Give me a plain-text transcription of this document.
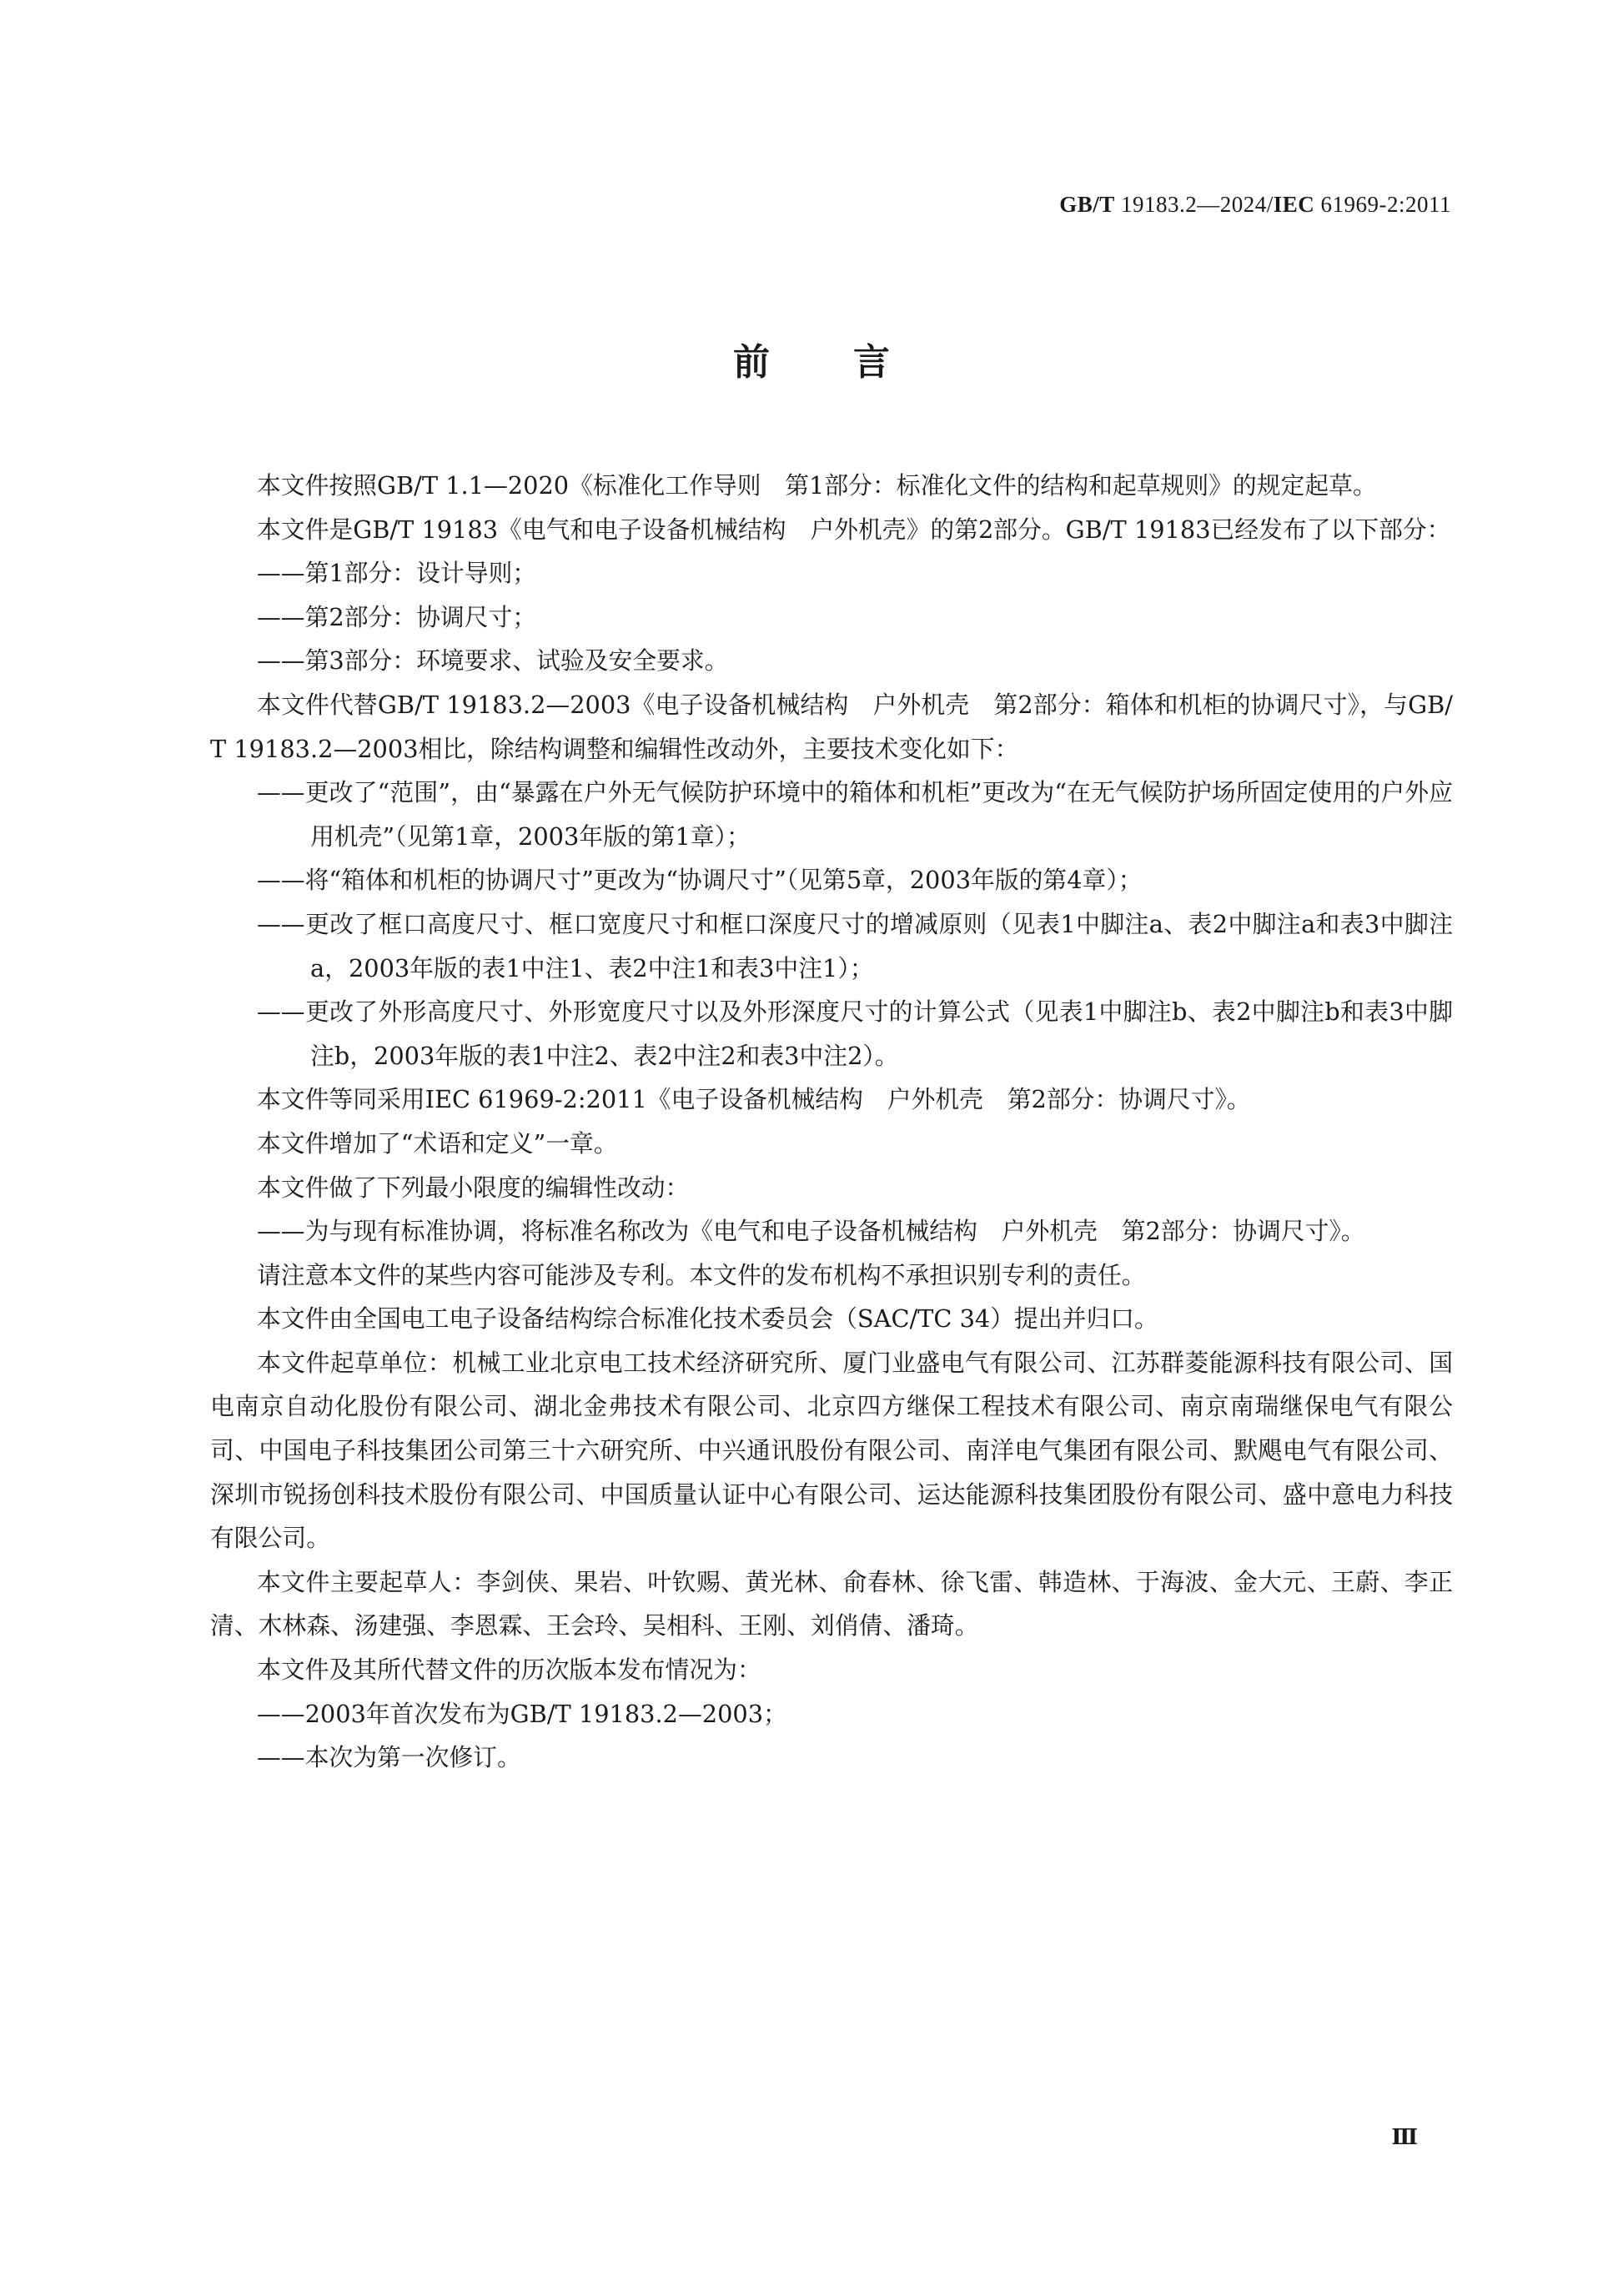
GB/T 19183.2—2024/IEC 61969-2:2011
前言

本文件按照GB/T 1.1—2020《标准化工作导则　第1部分：标准化文件的结构和起草规则》的规定起草。

本文件是GB/T 19183《电气和电子设备机械结构　户外机壳》的第2部分。GB/T 19183已经发布了以下部分：

——第1部分：设计导则；

——第2部分：协调尺寸；

——第3部分：环境要求、试验及安全要求。

本文件代替GB/T 19183.2—2003《电子设备机械结构　户外机壳　第2部分：箱体和机柜的协调尺寸》，与GB/T 19183.2—2003相比，除结构调整和编辑性改动外，主要技术变化如下：

——更改了“范围”，由“暴露在户外无气候防护环境中的箱体和机柜”更改为“在无气候防护场所固定使用的户外应用机壳”（见第1章，2003年版的第1章）；

——将“箱体和机柜的协调尺寸”更改为“协调尺寸”（见第5章，2003年版的第4章）；

——更改了框口高度尺寸、框口宽度尺寸和框口深度尺寸的增减原则（见表1中脚注a、表2中脚注a和表3中脚注a，2003年版的表1中注1、表2中注1和表3中注1）；

——更改了外形高度尺寸、外形宽度尺寸以及外形深度尺寸的计算公式（见表1中脚注b、表2中脚注b和表3中脚注b，2003年版的表1中注2、表2中注2和表3中注2）。

本文件等同采用IEC 61969-2:2011《电子设备机械结构　户外机壳　第2部分：协调尺寸》。

本文件增加了“术语和定义”一章。

本文件做了下列最小限度的编辑性改动：

——为与现有标准协调，将标准名称改为《电气和电子设备机械结构　户外机壳　第2部分：协调尺寸》。

请注意本文件的某些内容可能涉及专利。本文件的发布机构不承担识别专利的责任。

本文件由全国电工电子设备结构综合标准化技术委员会（SAC/TC 34）提出并归口。

本文件起草单位：机械工业北京电工技术经济研究所、厦门业盛电气有限公司、江苏群菱能源科技有限公司、国电南京自动化股份有限公司、湖北金弗技术有限公司、北京四方继保工程技术有限公司、南京南瑞继保电气有限公司、中国电子科技集团公司第三十六研究所、中兴通讯股份有限公司、南洋电气集团有限公司、默飓电气有限公司、深圳市锐扬创科技术股份有限公司、中国质量认证中心有限公司、运达能源科技集团股份有限公司、盛中意电力科技有限公司。

本文件主要起草人：李剑侠、果岩、叶钦赐、黄光林、俞春林、徐飞雷、韩造林、于海波、金大元、王蔚、李正清、木林森、汤建强、李恩霖、王会玲、吴相科、王刚、刘俏倩、潘琦。

本文件及其所代替文件的历次版本发布情况为：

——2003年首次发布为GB/T 19183.2—2003；

——本次为第一次修订。

Ⅲ
